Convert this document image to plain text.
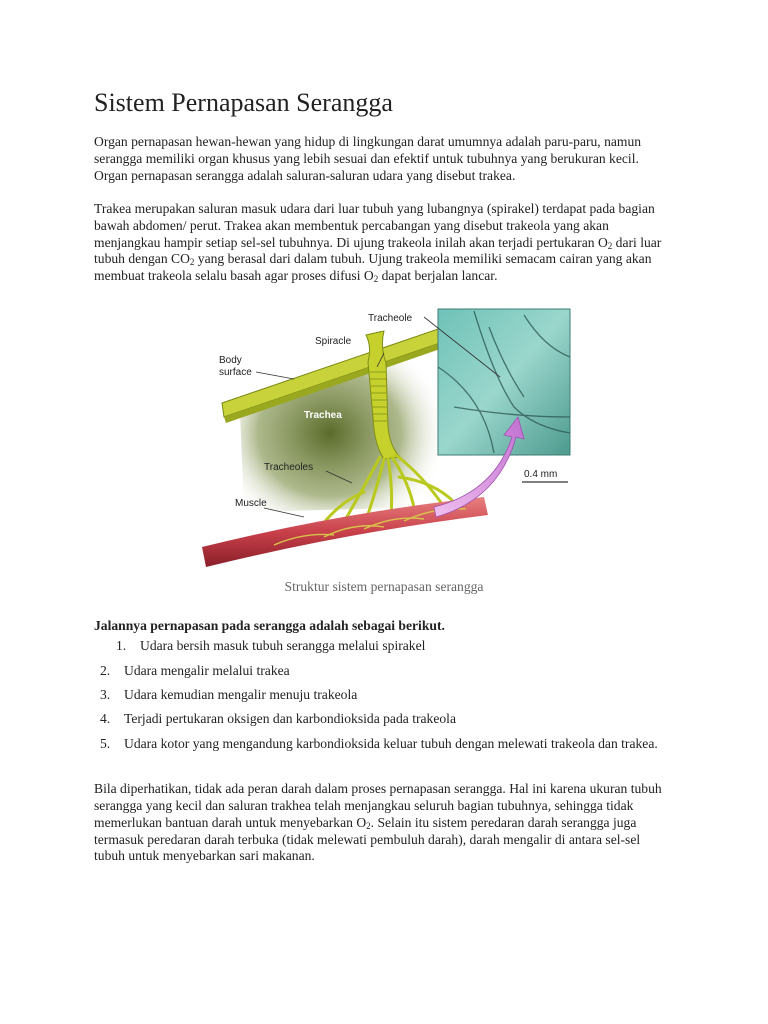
Sistem Pernapasan Serangga

Organ pernapasan hewan-hewan yang hidup di lingkungan darat umumnya adalah paru-paru, namun serangga memiliki organ khusus yang lebih sesuai dan efektif untuk tubuhnya yang berukuran kecil. Organ pernapasan serangga adalah saluran-saluran udara yang disebut trakea.

Trakea merupakan saluran masuk udara dari luar tubuh yang lubangnya (spirakel) terdapat pada bagian bawah abdomen/ perut. Trakea akan membentuk percabangan yang disebut trakeola yang akan menjangkau hampir setiap sel-sel tubuhnya. Di ujung trakeola inilah akan terjadi pertukaran $O_2$ dari luar tubuh dengan $CO_2$ yang berasal dari dalam tubuh. Ujung trakeola memiliki semacam cairan yang akan membuat trakeola selalu basah agar proses difusi $O_2$ dapat berjalan lancar.

Tracheole
Spiracle
Body
surface
Trachea
Tracheoles
Muscle
0.4 mm
Struktur sistem pernapasan serangga
Jalannya pernapasan pada serangga adalah sebagai berikut.
1. Udara bersih masuk tubuh serangga melalui spirakel
2. Udara mengalir melalui trakea
3. Udara kemudian mengalir menuju trakeola
4. Terjadi pertukaran oksigen dan karbondioksida pada trakeola
5. Udara kotor yang mengandung karbondioksida keluar tubuh dengan melewati trakeola dan trakea.

Bila diperhatikan, tidak ada peran darah dalam proses pernapasan serangga. Hal ini karena ukuran tubuh serangga yang kecil dan saluran trakhea telah menjangkau seluruh bagian tubuhnya, sehingga tidak memerlukan bantuan darah untuk menyebarkan $O_2$. Selain itu sistem peredaran darah serangga juga termasuk peredaran darah terbuka (tidak melewati pembuluh darah), darah mengalir di antara sel-sel tubuh untuk menyebarkan sari makanan.
